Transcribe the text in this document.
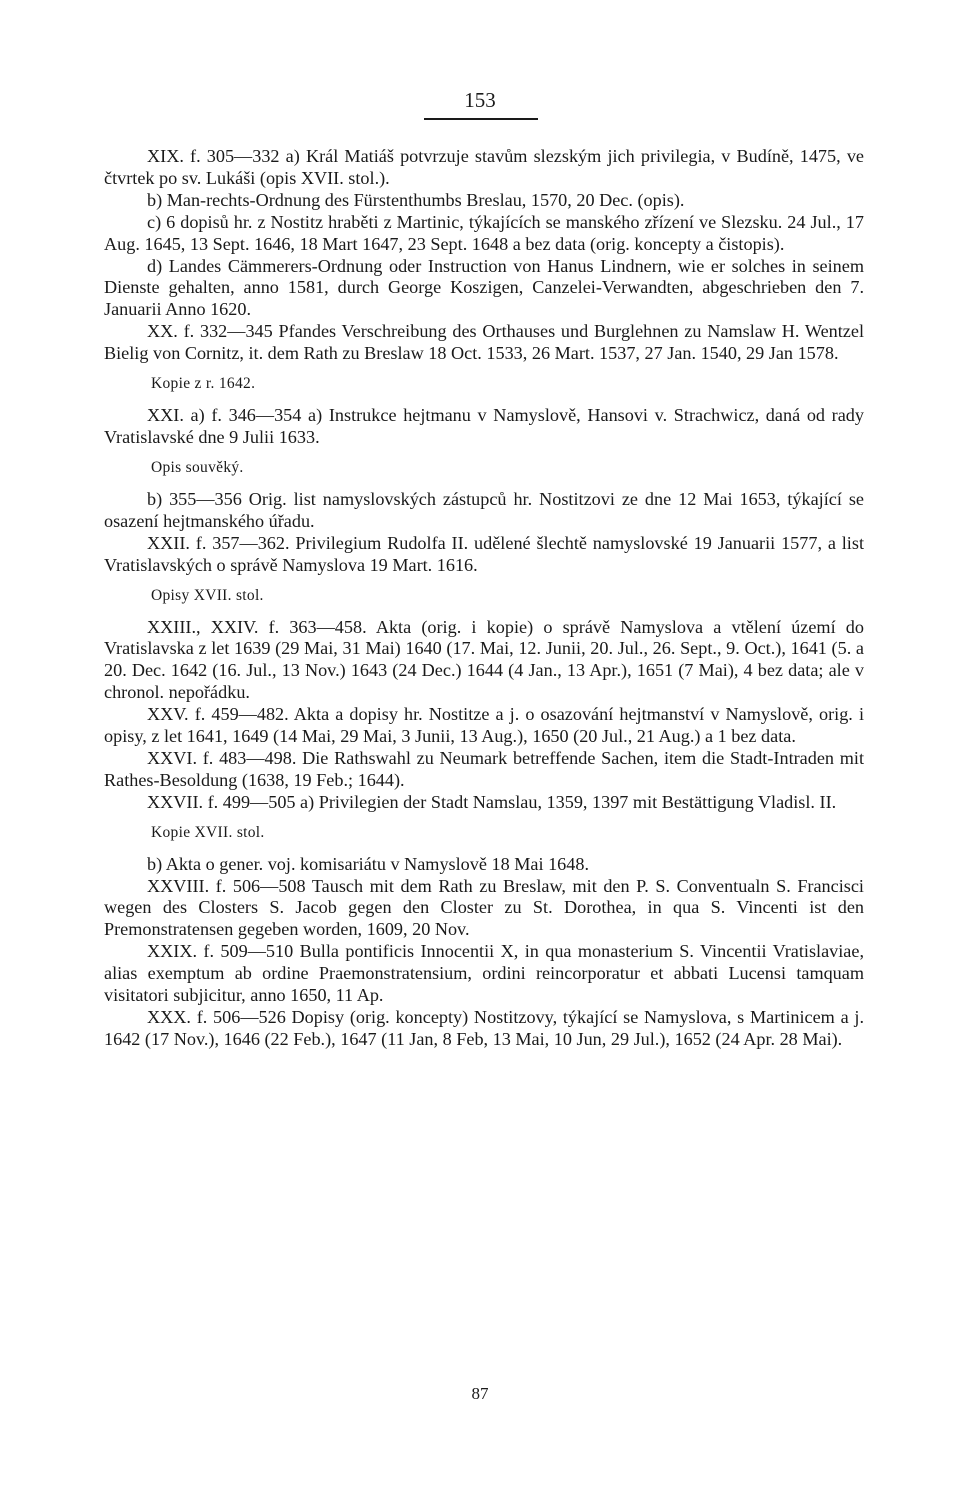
153

XIX. f. 305—332 a) Král Matiáš potvrzuje stavům slezským jich privilegia, v Budíně, 1475, ve čtvrtek po sv. Lukáši (opis XVII. stol.).

b) Man-rechts-Ordnung des Fürstenthumbs Breslau, 1570, 20 Dec. (opis).

c) 6 dopisů hr. z Nostitz hraběti z Martinic, týkajících se manského zřízení ve Slezsku. 24 Jul., 17 Aug. 1645, 13 Sept. 1646, 18 Mart 1647, 23 Sept. 1648 a bez data (orig. koncepty a čistopis).

d) Landes Cämmerers-Ordnung oder Instruction von Hanus Lindnern, wie er solches in seinem Dienste gehalten, anno 1581, durch George Koszigen, Canzelei-Verwandten, abgeschrieben den 7. Januarii Anno 1620.

XX. f. 332—345 Pfandes Verschreibung des Orthauses und Burglehnen zu Namslaw H. Wentzel Bielig von Cornitz, it. dem Rath zu Breslaw 18 Oct. 1533, 26 Mart. 1537, 27 Jan. 1540, 29 Jan 1578.

Kopie z r. 1642.

XXI. a) f. 346—354 a) Instrukce hejtmanu v Namyslově, Hansovi v. Strachwicz, daná od rady Vratislavské dne 9 Julii 1633.

Opis souvěký.

b) 355—356 Orig. list namyslovských zástupců hr. Nostitzovi ze dne 12 Mai 1653, týkající se osazení hejtmanského úřadu.

XXII. f. 357—362. Privilegium Rudolfa II. udělené šlechtě namyslovské 19 Januarii 1577, a list Vratislavských o správě Namyslova 19 Mart. 1616.

Opisy XVII. stol.

XXIII., XXIV. f. 363—458. Akta (orig. i kopie) o správě Namyslova a vtělení území do Vratislavska z let 1639 (29 Mai, 31 Mai) 1640 (17. Mai, 12. Junii, 20. Jul., 26. Sept., 9. Oct.), 1641 (5. a 20. Dec. 1642 (16. Jul., 13 Nov.) 1643 (24 Dec.) 1644 (4 Jan., 13 Apr.), 1651 (7 Mai), 4 bez data; ale v chronol. nepořádku.

XXV. f. 459—482. Akta a dopisy hr. Nostitze a j. o osazování hejtmanství v Namyslově, orig. i opisy, z let 1641, 1649 (14 Mai, 29 Mai, 3 Junii, 13 Aug.), 1650 (20 Jul., 21 Aug.) a 1 bez data.

XXVI. f. 483—498. Die Rathswahl zu Neumark betreffende Sachen, item die Stadt-Intraden mit Rathes-Besoldung (1638, 19 Feb.; 1644).

XXVII. f. 499—505 a) Privilegien der Stadt Namslau, 1359, 1397 mit Bestättigung Vladisl. II.

Kopie XVII. stol.

b) Akta o gener. voj. komisariátu v Namyslově 18 Mai 1648.

XXVIII. f. 506—508 Tausch mit dem Rath zu Breslaw, mit den P. S. Conventualn S. Francisci wegen des Closters S. Jacob gegen den Closter zu St. Dorothea, in qua S. Vincenti ist den Premonstratensen gegeben worden, 1609, 20 Nov.

XXIX. f. 509—510 Bulla pontificis Innocentii X, in qua monasterium S. Vincentii Vratislaviae, alias exemptum ab ordine Praemonstratensium, ordini reincorporatur et abbati Lucensi tamquam visitatori subjicitur, anno 1650, 11 Ap.

XXX. f. 506—526 Dopisy (orig. koncepty) Nostitzovy, týkající se Namyslova, s Martinicem a j. 1642 (17 Nov.), 1646 (22 Feb.), 1647 (11 Jan, 8 Feb, 13 Mai, 10 Jun, 29 Jul.), 1652 (24 Apr. 28 Mai).

87
